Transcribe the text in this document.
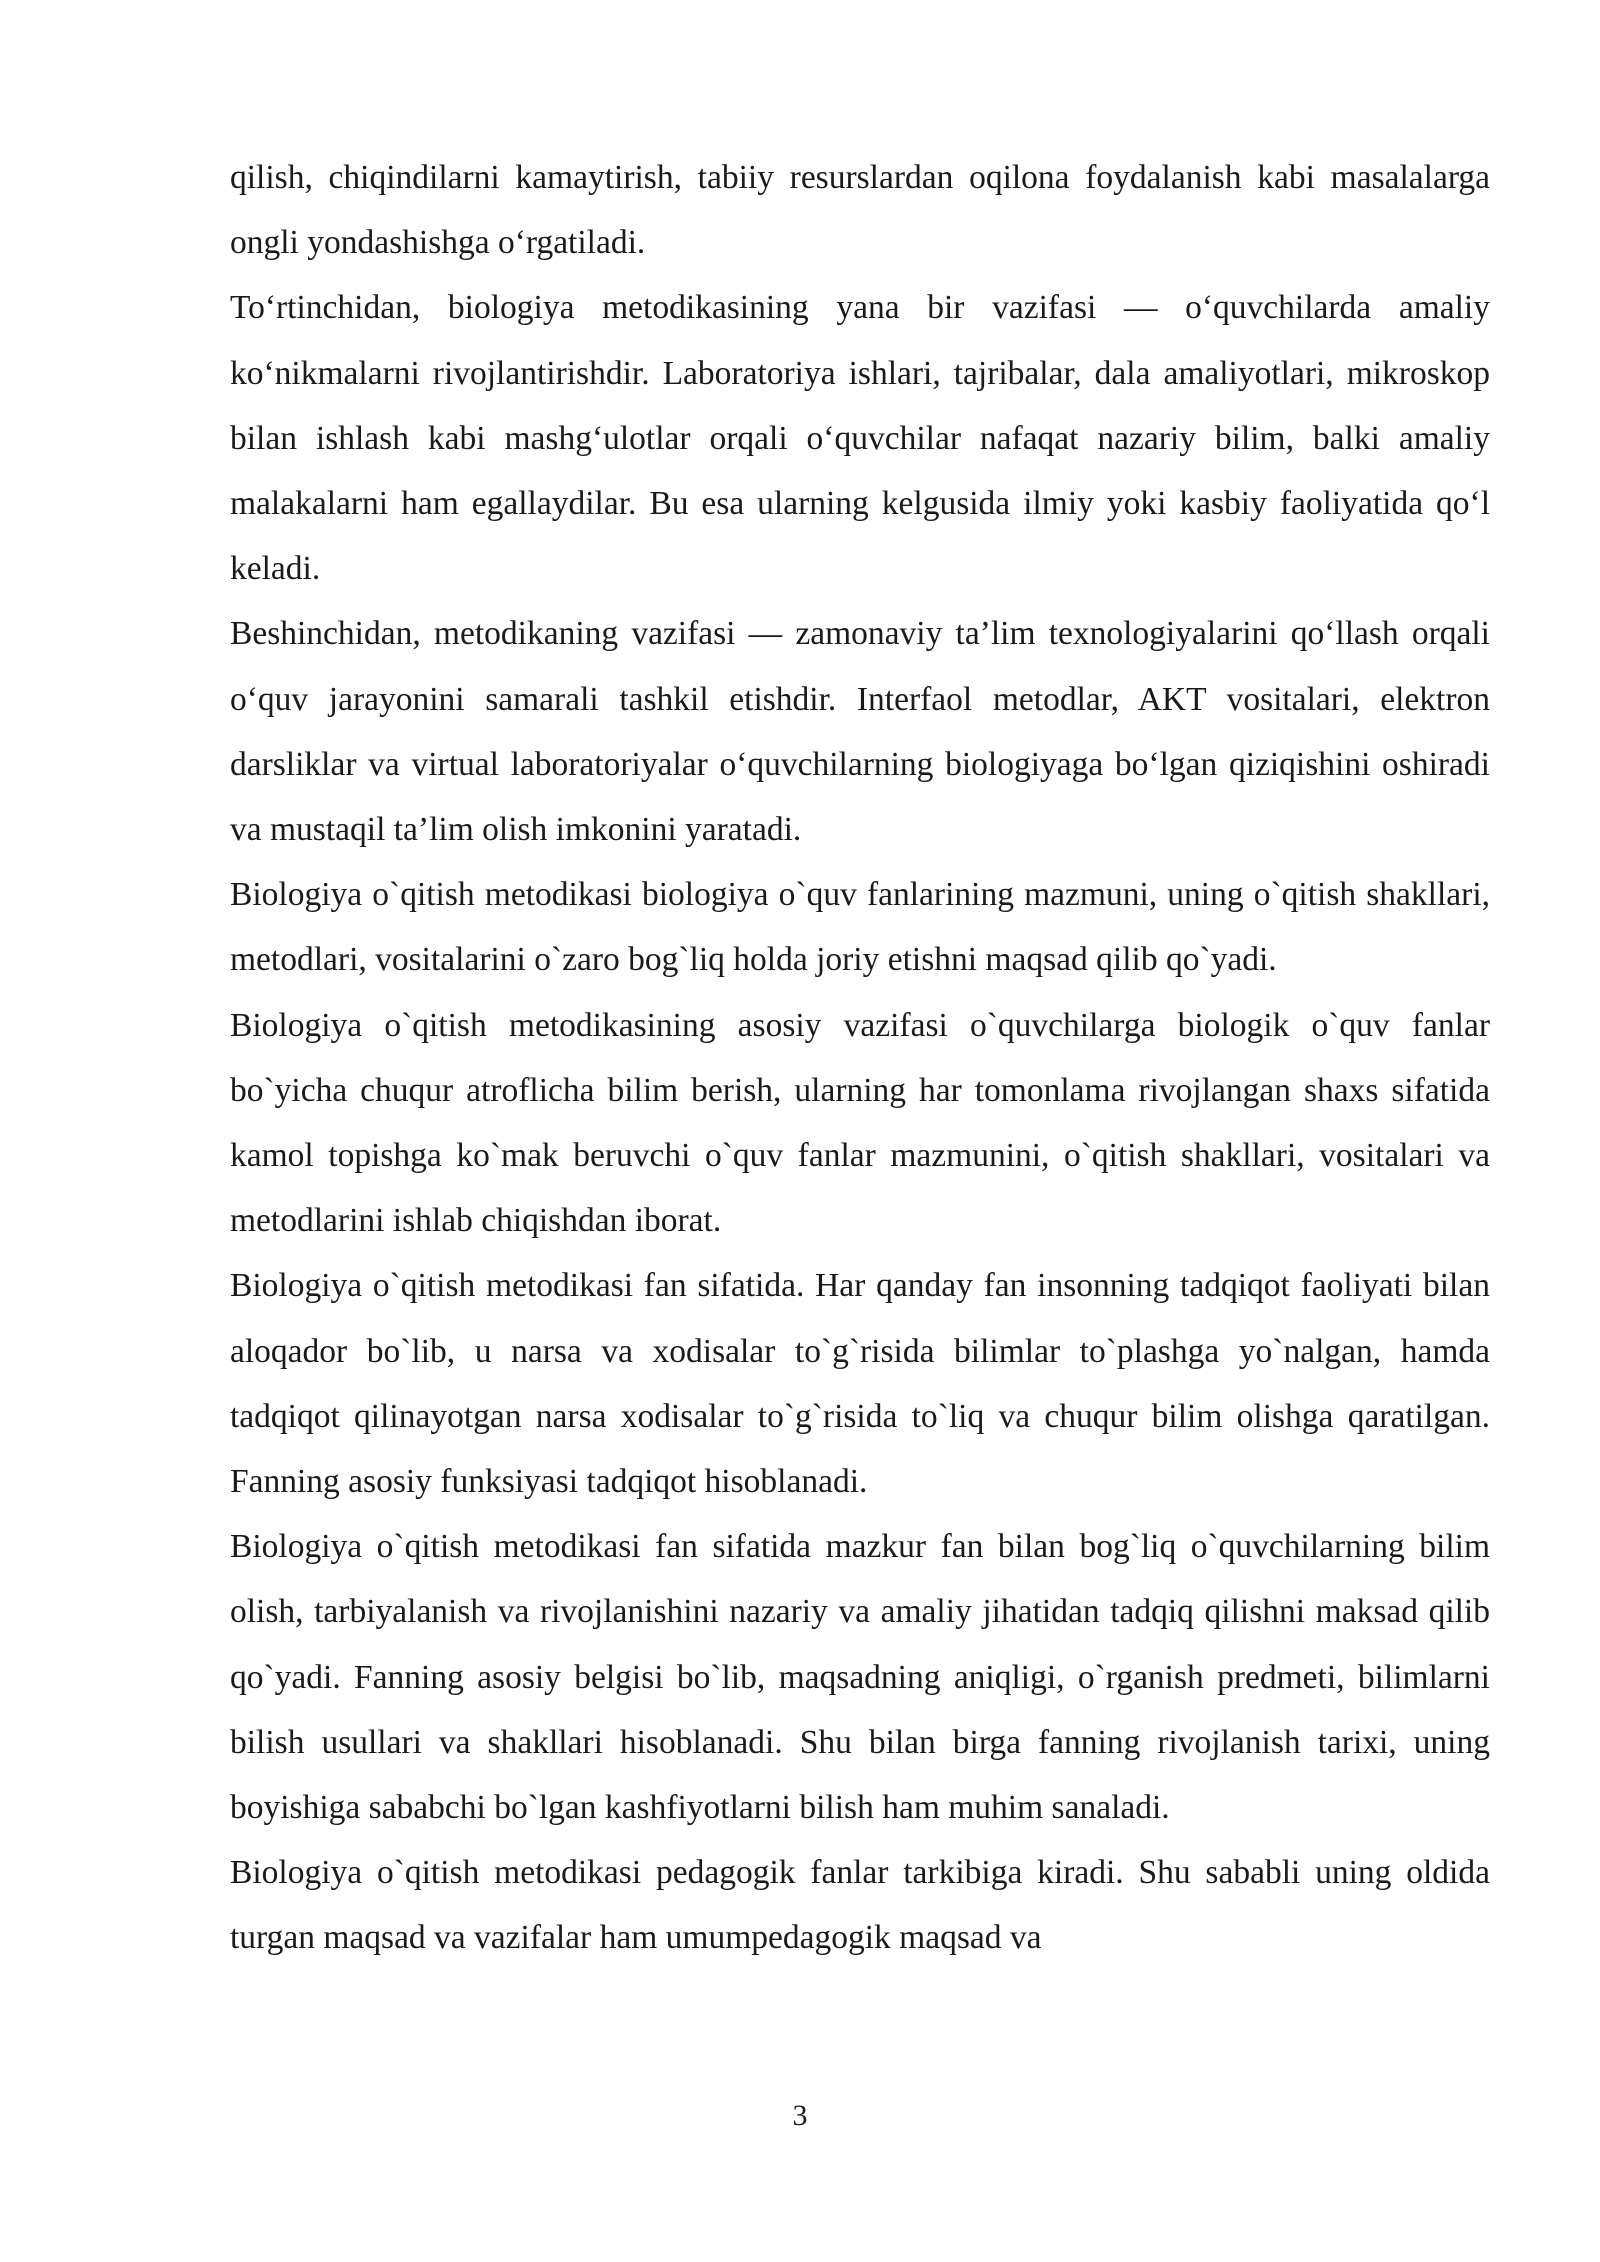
qilish, chiqindilarni kamaytirish, tabiiy resurslardan oqilona foydalanish kabi masalalarga ongli yondashishga o‘rgatiladi.

To‘rtinchidan, biologiya metodikasining yana bir vazifasi — o‘quvchilarda amaliy ko‘nikmalarni rivojlantirishdir. Laboratoriya ishlari, tajribalar, dala amaliyotlari, mikroskop bilan ishlash kabi mashg‘ulotlar orqali o‘quvchilar nafaqat nazariy bilim, balki amaliy malakalarni ham egallaydilar. Bu esa ularning kelgusida ilmiy yoki kasbiy faoliyatida qo‘l keladi.

Beshinchidan, metodikaning vazifasi — zamonaviy ta’lim texnologiyalarini qo‘llash orqali o‘quv jarayonini samarali tashkil etishdir. Interfaol metodlar, AKT vositalari, elektron darsliklar va virtual laboratoriyalar o‘quvchilarning biologiyaga bo‘lgan qiziqishini oshiradi va mustaqil ta’lim olish imkonini yaratadi.

Biologiya o`qitish metodikasi biologiya o`quv fanlarining mazmuni, uning o`qitish shakllari, metodlari, vositalarini o`zaro bog`liq holda joriy etishni maqsad qilib qo`yadi.

Biologiya o`qitish metodikasining asosiy vazifasi o`quvchilarga biologik o`quv fanlar bo`yicha chuqur atroflicha bilim berish, ularning har tomonlama rivojlangan shaxs sifatida kamol topishga ko`mak beruvchi o`quv fanlar mazmunini, o`qitish shakllari, vositalari va metodlarini ishlab chiqishdan iborat.

Biologiya o`qitish metodikasi fan sifatida. Har qanday fan insonning tadqiqot faoliyati bilan aloqador bo`lib, u narsa va xodisalar to`g`risida bilimlar to`plashga yo`nalgan, hamda tadqiqot qilinayotgan narsa xodisalar to`g`risida to`liq va chuqur bilim olishga qaratilgan. Fanning asosiy funksiyasi tadqiqot hisoblanadi.

Biologiya o`qitish metodikasi fan sifatida mazkur fan bilan bog`liq o`quvchilarning bilim olish, tarbiyalanish va rivojlanishini nazariy va amaliy jihatidan tadqiq qilishni maksad qilib qo`yadi. Fanning asosiy belgisi bo`lib, maqsadning aniqligi, o`rganish predmeti, bilimlarni bilish usullari va shakllari hisoblanadi. Shu bilan birga fanning rivojlanish tarixi, uning boyishiga sababchi bo`lgan kashfiyotlarni bilish ham muhim sanaladi.

Biologiya o`qitish metodikasi pedagogik fanlar tarkibiga kiradi. Shu sababli uning oldida turgan maqsad va vazifalar ham umumpedagogik maqsad va

3
